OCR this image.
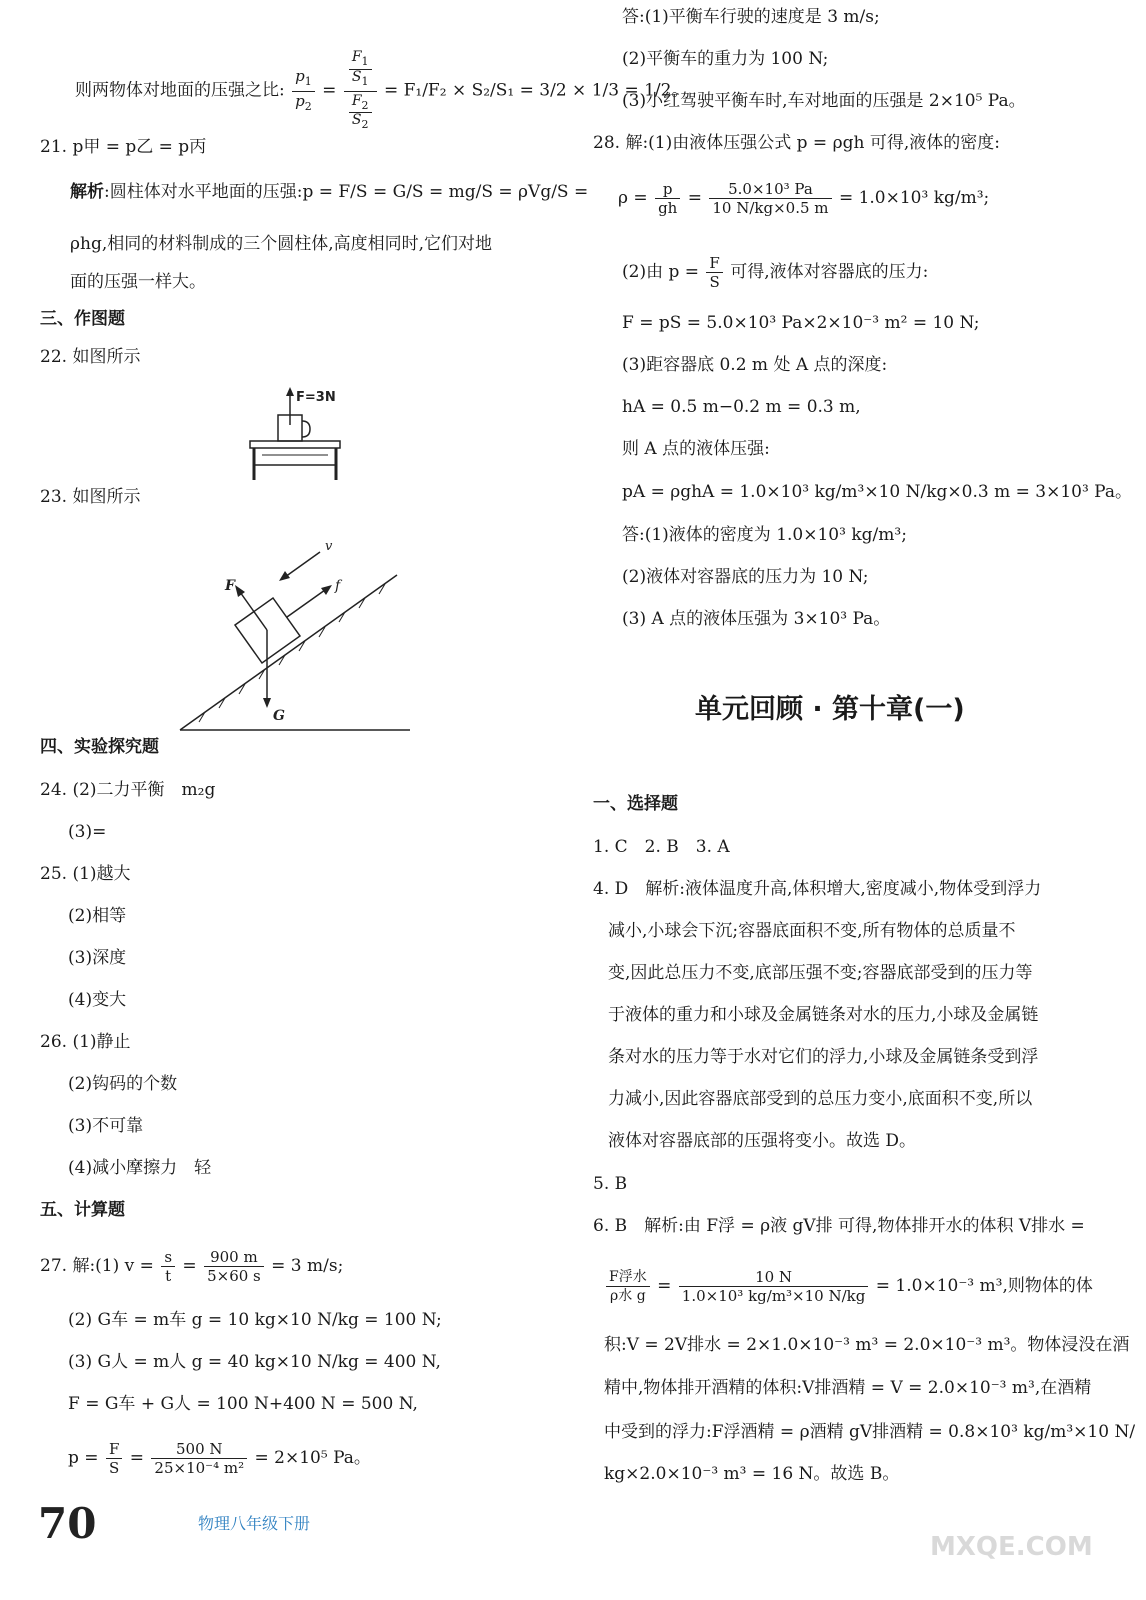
则两物体对地面的压强之比: $\frac{p_1}{p_2} = \frac{\frac{F_1}{S_1}}{\frac{F_2}{S_2}} = F_1/F_2 \times S_2/S_1 = 3/2 \times 1/3 = 1/2$。
21. p甲 = p乙 = p丙
解析:圆柱体对水平地面的压强:p = F/S = G/S = mg/S = ρVg/S =
ρhg,相同的材料制成的三个圆柱体,高度相同时,它们对地
面的压强一样大。
三、作图题
22. 如图所示
F=3N
23. 如图所示
G
F	f
v
四、实验探究题
24. (2)二力平衡　m₂g
(3)=
25. (1)越大
(2)相等
(3)深度
(4)变大
26. (1)静止
(2)钩码的个数
(3)不可靠
(4)减小摩擦力　轻
五、计算题
27. 解:(1) $v = \frac{s}{t} = \frac{900 m}{5\times 60 s} = 3$ m/s;
(2) G车 = m车 g = 10 kg×10 N/kg = 100 N;
(3) G人 = m人 g = 40 kg×10 N/kg = 400 N,
F = G车 + G人 = 100 N+400 N = 500 N,
$p = \frac{F}{S} = \frac{500 N}{\text{25×10⁻⁴ m²}} = 2\times 10^5$ Pa。
答:(1)平衡车行驶的速度是 3 m/s;
(2)平衡车的重力为 100 N;
(3)小红驾驶平衡车时,车对地面的压强是 2×10⁵ Pa。
28. 解:(1)由液体压强公式 p = ρgh 可得,液体的密度:
$\rho = \frac{p}{gh} = \frac{\text{5.0×10³ Pa}}{10 N/kg\times 0.5 m} = 1.0\times 10^3$ kg/m³;
(2)由 $p = \frac{F}{S}$ 可得,液体对容器底的压力:
F = pS = 5.0×10³ Pa×2×10⁻³ m² = 10 N;
(3)距容器底 0.2 m 处 A 点的深度:
hA = 0.5 m−0.2 m = 0.3 m,
则 A 点的液体压强:
pA = ρghA = 1.0×10³ kg/m³×10 N/kg×0.3 m = 3×10³ Pa。
答:(1)液体的密度为 1.0×10³ kg/m³;
(2)液体对容器底的压力为 10 N;
(3) A 点的液体压强为 3×10³ Pa。
单元回顾 · 第十章(一)
一、选择题
1. C　2. B　3. A
4. D　解析:液体温度升高,体积增大,密度减小,物体受到浮力
减小,小球会下沉;容器底面积不变,所有物体的总质量不
变,因此总压力不变,底部压强不变;容器底部受到的压力等
于液体的重力和小球及金属链条对水的压力,小球及金属链
条对水的压力等于水对它们的浮力,小球及金属链条受到浮
力减小,因此容器底部受到的总压力变小,底面积不变,所以
液体对容器底部的压强将变小。故选 D。
5. B
6. B　解析:由 F浮 = ρ液 gV排 可得,物体排开水的体积 V排水 =
$\frac{\text{F浮水}}{\text{ρ水 g}} = \frac{10 N}{\text{1.0×10³ kg/m³×10 N/kg}} = 1.0\times 10^{-3}$ m³,则物体的体
积:V = 2V排水 = 2×1.0×10⁻³ m³ = 2.0×10⁻³ m³。物体浸没在酒
精中,物体排开酒精的体积:V排酒精 = V = 2.0×10⁻³ m³,在酒精
中受到的浮力:F浮酒精 = ρ酒精 gV排酒精 = 0.8×10³ kg/m³×10 N/
kg×2.0×10⁻³ m³ = 16 N。故选 B。
70	物理八年级下册
MXQE.COM
